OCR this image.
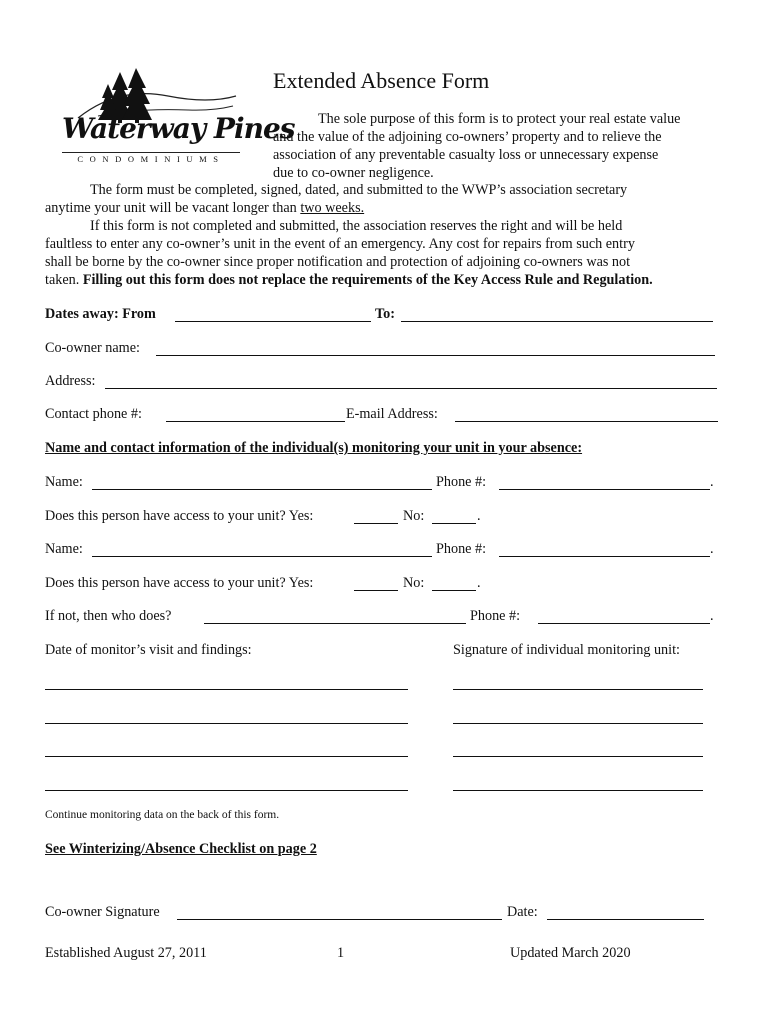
Waterway Pines
CONDOMINIUMS
Extended Absence Form
The sole purpose of this form is to protect your real estate value
and the value of the adjoining co-owners’ property and to relieve the
association of any preventable casualty loss or unnecessary expense
due to co-owner negligence.
The form must be completed, signed, dated, and submitted to the WWP’s association secretary
anytime your unit will be vacant longer than two weeks.
If this form is not completed and submitted, the association reserves the right and will be held
faultless to enter any co-owner’s unit in the event of an emergency. Any cost for repairs from such entry
shall be borne by the co-owner since proper notification and protection of adjoining co-owners was not
taken. Filling out this form does not replace the requirements of the Key Access Rule and Regulation.
Dates away: From	To:
Co-owner name:
Address:
Contact phone #:	E-mail Address:
Name and contact information of the individual(s) monitoring your unit in your absence:
Name:	Phone #:	.
Does this person have access to your unit? Yes:	No:	.
Name:	Phone #:	.
Does this person have access to your unit? Yes:	No:	.
If not, then who does?	Phone #:	.
Date of monitor’s visit and findings:	Signature of individual monitoring unit:
Continue monitoring data on the back of this form.
See Winterizing/Absence Checklist on page 2
Co-owner Signature	Date:
Established August 27, 2011	1	Updated March 2020
